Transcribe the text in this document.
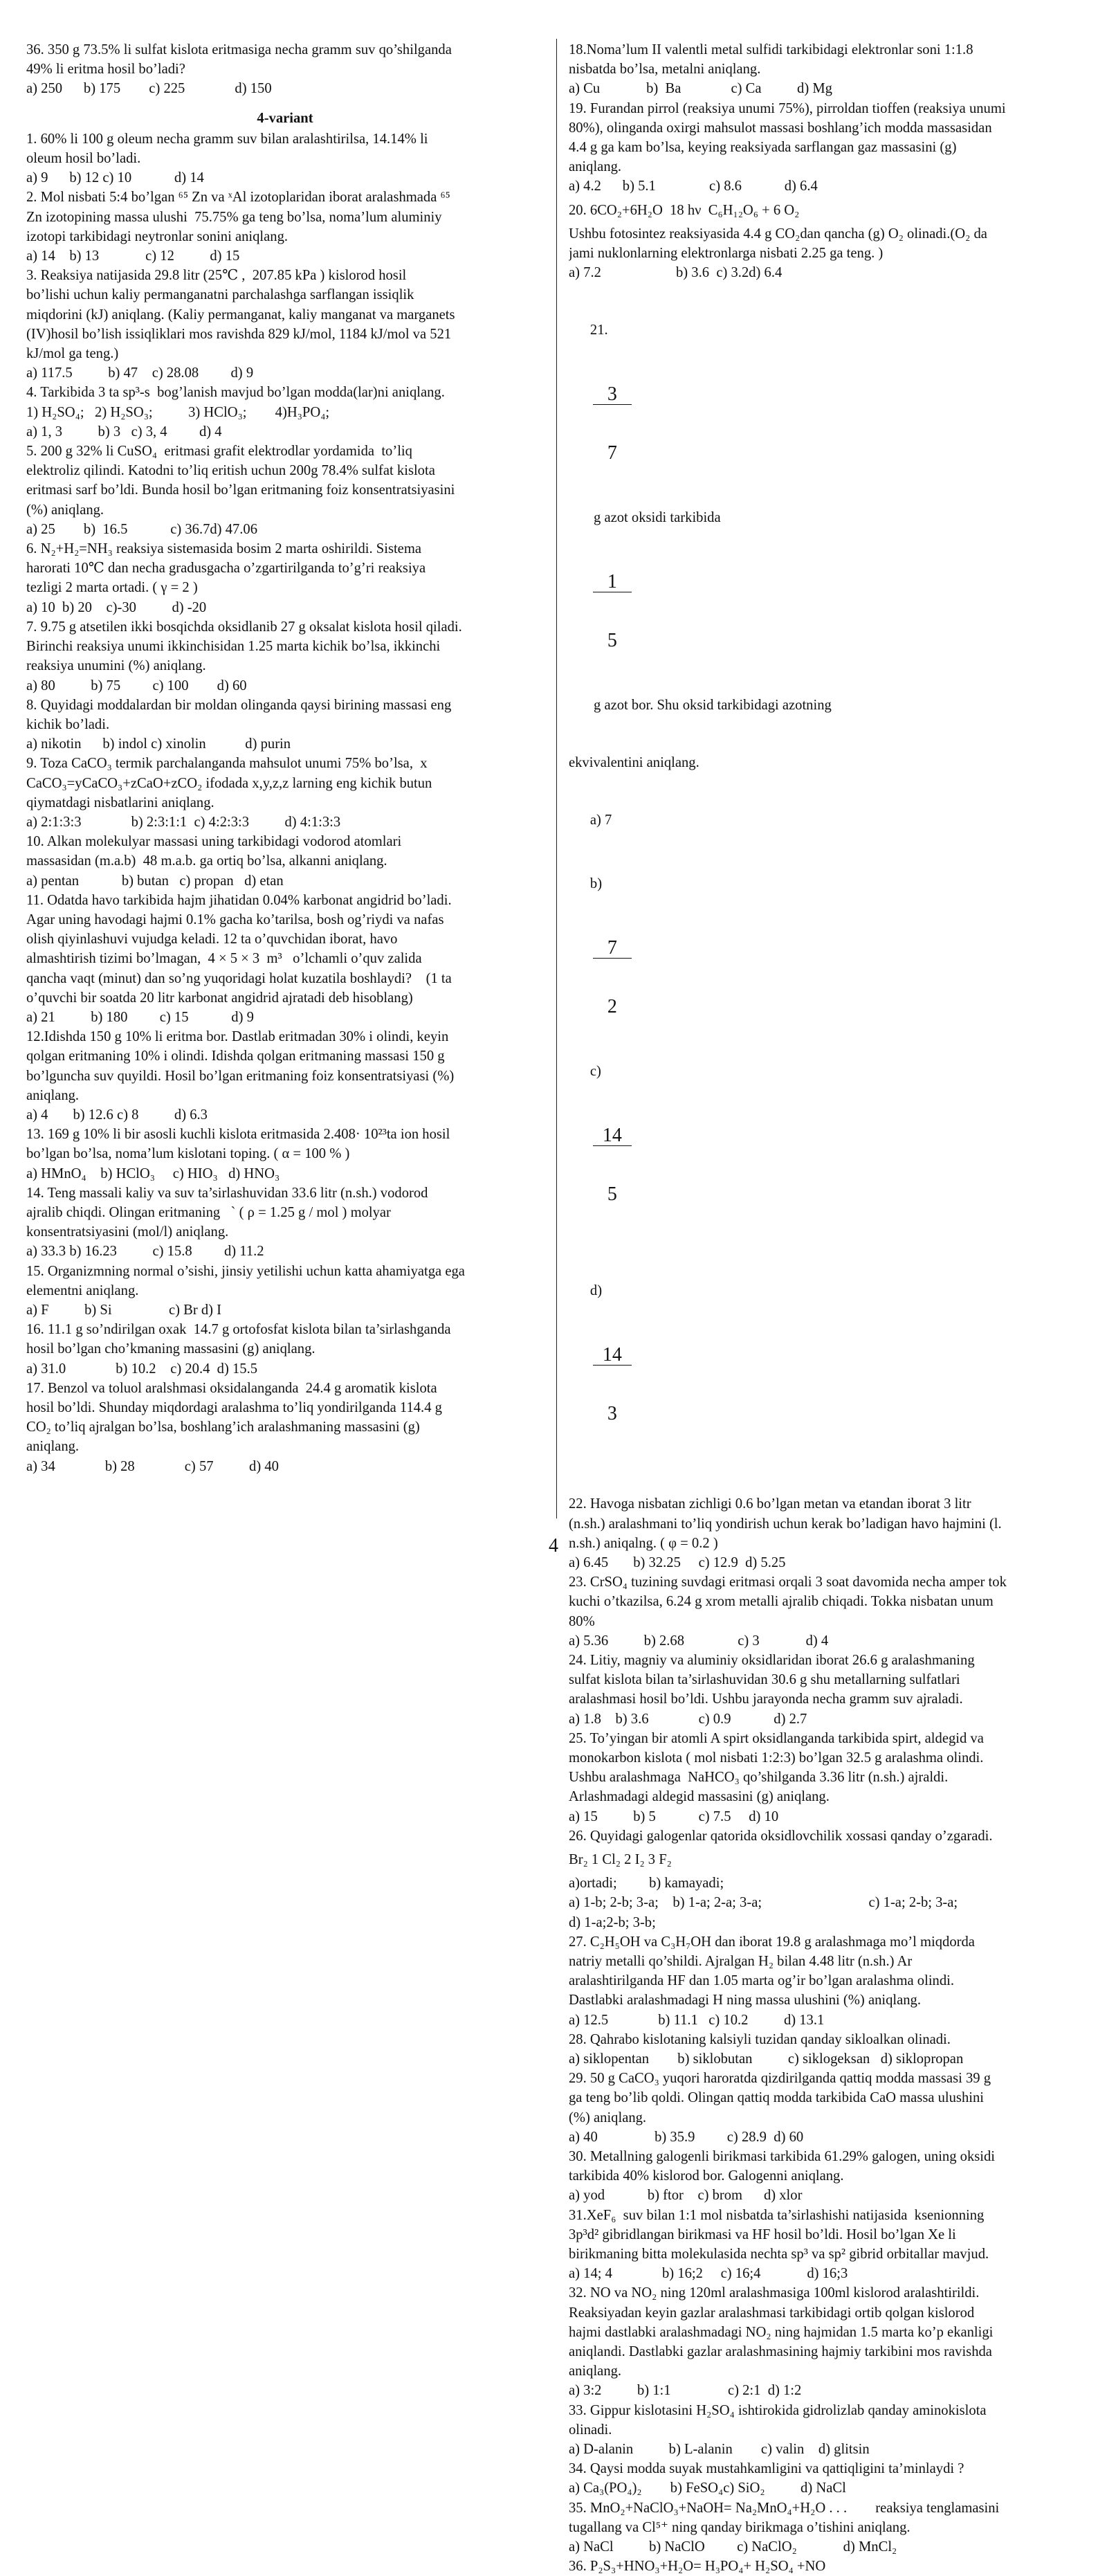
36. 350 g 73.5% li sulfat kislota eritmasiga necha gramm suv qo’shilganda
49% li eritma hosil bo’ladi?
a) 250      b) 175        c) 225              d) 150
4-variant
1. 60% li 100 g oleum necha gramm suv bilan aralashtirilsa, 14.14% li
oleum hosil bo’ladi.
a) 9      b) 12 c) 10            d) 14
2. Mol nisbati 5:4 bo’lgan ⁶⁵ Zn va ˣAl izotoplaridan iborat aralashmada ⁶⁵
Zn izotopining massa ulushi  75.75% ga teng bo’lsa, noma’lum aluminiy
izotopi tarkibidagi neytronlar sonini aniqlang.
a) 14    b) 13             c) 12          d) 15
3. Reaksiya natijasida 29.8 litr (25℃ ,  207.85 kPa ) kislorod hosil
bo’lishi uchun kaliy permanganatni parchalashga sarflangan issiqlik
miqdorini (kJ) aniqlang. (Kaliy permanganat, kaliy manganat va marganets
(IV)hosil bo’lish issiqliklari mos ravishda 829 kJ/mol, 1184 kJ/mol va 521
kJ/mol ga teng.)
a) 117.5          b) 47    c) 28.08         d) 9
4. Tarkibida 3 ta sp³-s  bog’lanish mavjud bo’lgan modda(lar)ni aniqlang.
1) H₂SO₄;   2) H₂SO₃;          3) HClO₃;        4)H₃PO₄;
a) 1, 3          b) 3   c) 3, 4         d) 4
5. 200 g 32% li CuSO₄  eritmasi grafit elektrodlar yordamida  to’liq
elektroliz qilindi. Katodni to’liq eritish uchun 200g 78.4% sulfat kislota
eritmasi sarf bo’ldi. Bunda hosil bo’lgan eritmaning foiz konsentratsiyasini
(%) aniqlang.
a) 25        b)  16.5            c) 36.7d) 47.06
6. N₂+H₂=NH₃ reaksiya sistemasida bosim 2 marta oshirildi. Sistema
harorati 10℃ dan necha gradusgacha o’zgartirilganda to’g’ri reaksiya
tezligi 2 marta ortadi. ( γ = 2 )
a) 10  b) 20    c)-30          d) -20
7. 9.75 g atsetilen ikki bosqichda oksidlanib 27 g oksalat kislota hosil qiladi.
Birinchi reaksiya unumi ikkinchisidan 1.25 marta kichik bo’lsa, ikkinchi
reaksiya unumini (%) aniqlang.
a) 80          b) 75         c) 100        d) 60
8. Quyidagi moddalardan bir moldan olinganda qaysi birining massasi eng
kichik bo’ladi.
a) nikotin      b) indol c) xinolin           d) purin
9. Toza CaCO₃ termik parchalanganda mahsulot unumi 75% bo’lsa,  x
CaCO₃=yCaCO₃+zCaO+zCO₂ ifodada x,y,z,z larning eng kichik butun
qiymatdagi nisbatlarini aniqlang.
a) 2:1:3:3              b) 2:3:1:1  c) 4:2:3:3          d) 4:1:3:3
10. Alkan molekulyar massasi uning tarkibidagi vodorod atomlari
massasidan (m.a.b)  48 m.a.b. ga ortiq bo’lsa, alkanni aniqlang.
a) pentan            b) butan   c) propan   d) etan
11. Odatda havo tarkibida hajm jihatidan 0.04% karbonat angidrid bo’ladi.
Agar uning havodagi hajmi 0.1% gacha ko’tarilsa, bosh og’riydi va nafas
olish qiyinlashuvi vujudga keladi. 12 ta o’quvchidan iborat, havo
almashtirish tizimi bo’lmagan,  4 × 5 × 3  m³   o’lchamli o’quv zalida
qancha vaqt (minut) dan so’ng yuqoridagi holat kuzatila boshlaydi?    (1 ta
o’quvchi bir soatda 20 litr karbonat angidrid ajratadi deb hisoblang)
a) 21          b) 180         c) 15            d) 9
12.Idishda 150 g 10% li eritma bor. Dastlab eritmadan 30% i olindi, keyin
qolgan eritmaning 10% i olindi. Idishda qolgan eritmaning massasi 150 g
bo’lguncha suv quyildi. Hosil bo’lgan eritmaning foiz konsentratsiyasi (%)
aniqlang.
a) 4       b) 12.6 c) 8          d) 6.3
13. 169 g 10% li bir asosli kuchli kislota eritmasida 2.408· 10²³ta ion hosil
bo’lgan bo’lsa, noma’lum kislotani toping. ( α = 100 % )
a) HMnO₄    b) HClO₃     c) HIO₃   d) HNO₃
14. Teng massali kaliy va suv ta’sirlashuvidan 33.6 litr (n.sh.) vodorod
ajralib chiqdi. Olingan eritmaning   ` ( ρ = 1.25 g / mol ) molyar
konsentratsiyasini (mol/l) aniqlang.
a) 33.3 b) 16.23          c) 15.8         d) 11.2
15. Organizmning normal o’sishi, jinsiy yetilishi uchun katta ahamiyatga ega
elementni aniqlang.
a) F          b) Si                c) Br d) I
16. 11.1 g so’ndirilgan oxak  14.7 g ortofosfat kislota bilan ta’sirlashganda
hosil bo’lgan cho’kmaning massasini (g) aniqlang.
a) 31.0              b) 10.2    c) 20.4  d) 15.5
17. Benzol va toluol aralshmasi oksidalanganda  24.4 g aromatik kislota
hosil bo’ldi. Shunday miqdordagi aralashma to’liq yondirilganda 114.4 g
CO₂ to’liq ajralgan bo’lsa, boshlang’ich aralashmaning massasini (g)
aniqlang.
a) 34              b) 28              c) 57          d) 40
18.Noma’lum II valentli metal sulfidi tarkibidagi elektronlar soni 1:1.8
nisbatda bo’lsa, metalni aniqlang.
a) Cu             b)  Ba              c) Ca          d) Mg
19. Furandan pirrol (reaksiya unumi 75%), pirroldan tioffen (reaksiya unumi
80%), olinganda oxirgi mahsulot massasi boshlang’ich modda massasidan
4.4 g ga kam bo’lsa, keying reaksiyada sarflangan gaz massasini (g)
aniqlang.
a) 4.2      b) 5.1               c) 8.6            d) 6.4
20. 6CO₂+6H₂O  18 hν  C₆H₁₂O₆ + 6 O₂
Ushbu fotosintez reaksiyasida 4.4 g CO₂dan qancha (g) O₂ olinadi.(O₂ da
jami nuklonlarning elektronlarga nisbati 2.25 ga teng. )
a) 7.2                     b) 3.6  c) 3.2d) 6.4

21.

$\frac{3}{7}$

g azot oksidi tarkibida

$\frac{1}{5}$

g azot bor. Shu oksid tarkibidagi azotning

ekvivalentini aniqlang.

a) 7

b)

$\frac{7}{2}$

c)

$\frac{14}{5}$

d)

$\frac{14}{3}$

22. Havoga nisbatan zichligi 0.6 bo’lgan metan va etandan iborat 3 litr
(n.sh.) aralashmani to’liq yondirish uchun kerak bo’ladigan havo hajmini (l.
n.sh.) aniqalng. ( φ = 0.2 )
a) 6.45       b) 32.25     c) 12.9  d) 5.25
23. CrSO₄ tuzining suvdagi eritmasi orqali 3 soat davomida necha amper tok
kuchi o’tkazilsa, 6.24 g xrom metalli ajralib chiqadi. Tokka nisbatan unum
80%
a) 5.36          b) 2.68               c) 3             d) 4
24. Litiy, magniy va aluminiy oksidlaridan iborat 26.6 g aralashmaning
sulfat kislota bilan ta’sirlashuvidan 30.6 g shu metallarning sulfatlari
aralashmasi hosil bo’ldi. Ushbu jarayonda necha gramm suv ajraladi.
a) 1.8    b) 3.6              c) 0.9            d) 2.7
25. To’yingan bir atomli A spirt oksidlanganda tarkibida spirt, aldegid va
monokarbon kislota ( mol nisbati 1:2:3) bo’lgan 32.5 g aralashma olindi.
Ushbu aralashmaga  NaHCO₃ qo’shilganda 3.36 litr (n.sh.) ajraldi.
Arlashmadagi aldegid massasini (g) aniqlang.
a) 15          b) 5            c) 7.5     d) 10
26. Quyidagi galogenlar qatorida oksidlovchilik xossasi qanday o’zgaradi.
Br₂ 1 Cl₂ 2 I₂ 3 F₂
a)ortadi;         b) kamayadi;
a) 1-b; 2-b; 3-a;    b) 1-a; 2-a; 3-a;                              c) 1-a; 2-b; 3-a;
d) 1-a;2-b; 3-b;
27. C₂H₅OH va C₃H₇OH dan iborat 19.8 g aralashmaga mo’l miqdorda
natriy metalli qo’shildi. Ajralgan H₂ bilan 4.48 litr (n.sh.) Ar
aralashtirilganda HF dan 1.05 marta og’ir bo’lgan aralashma olindi.
Dastlabki aralashmadagi H ning massa ulushini (%) aniqlang.
a) 12.5              b) 11.1   c) 10.2          d) 13.1
28. Qahrabo kislotaning kalsiyli tuzidan qanday sikloalkan olinadi.
a) siklopentan        b) siklobutan          c) siklogeksan   d) siklopropan
29. 50 g CaCO₃ yuqori haroratda qizdirilganda qattiq modda massasi 39 g
ga teng bo’lib qoldi. Olingan qattiq modda tarkibida CaO massa ulushini
(%) aniqlang.
a) 40                b) 35.9         c) 28.9  d) 60
30. Metallning galogenli birikmasi tarkibida 61.29% galogen, uning oksidi
tarkibida 40% kislorod bor. Galogenni aniqlang.
a) yod            b) ftor    c) brom      d) xlor
31.XeF₆  suv bilan 1:1 mol nisbatda ta’sirlashishi natijasida  ksenionning
3p³d² gibridlangan birikmasi va HF hosil bo’ldi. Hosil bo’lgan Xe li
birikmaning bitta molekulasida nechta sp³ va sp² gibrid orbitallar mavjud.
a) 14; 4              b) 16;2     c) 16;4             d) 16;3
32. NO va NO₂ ning 120ml aralashmasiga 100ml kislorod aralashtirildi.
Reaksiyadan keyin gazlar aralashmasi tarkibidagi ortib qolgan kislorod
hajmi dastlabki aralashmadagi NO₂ ning hajmidan 1.5 marta ko’p ekanligi
aniqlandi. Dastlabki gazlar aralashmasining hajmiy tarkibini mos ravishda
aniqlang.
a) 3:2          b) 1:1                c) 2:1  d) 1:2
33. Gippur kislotasini H₂SO₄ ishtirokida gidrolizlab qanday aminokislota
olinadi.
a) D-alanin          b) L-alanin        c) valin    d) glitsin
34. Qaysi modda suyak mustahkamligini va qattiqligini ta’minlaydi ?
a) Ca₃(PO₄)₂        b) FeSO₄c) SiO₂          d) NaCl
35. MnO₂+NaClO₃+NaOH= Na₂MnO₄+H₂O . . .        reaksiya tenglamasini
tugallang va Cl⁵⁺ ning qanday birikmaga o’tishini aniqlang.
a) NaCl          b) NaClO         c) NaClO₂             d) MnCl₂
36. P₂S₃+HNO₃+H₂O= H₃PO₄+ H₂SO₄ +NO
4
